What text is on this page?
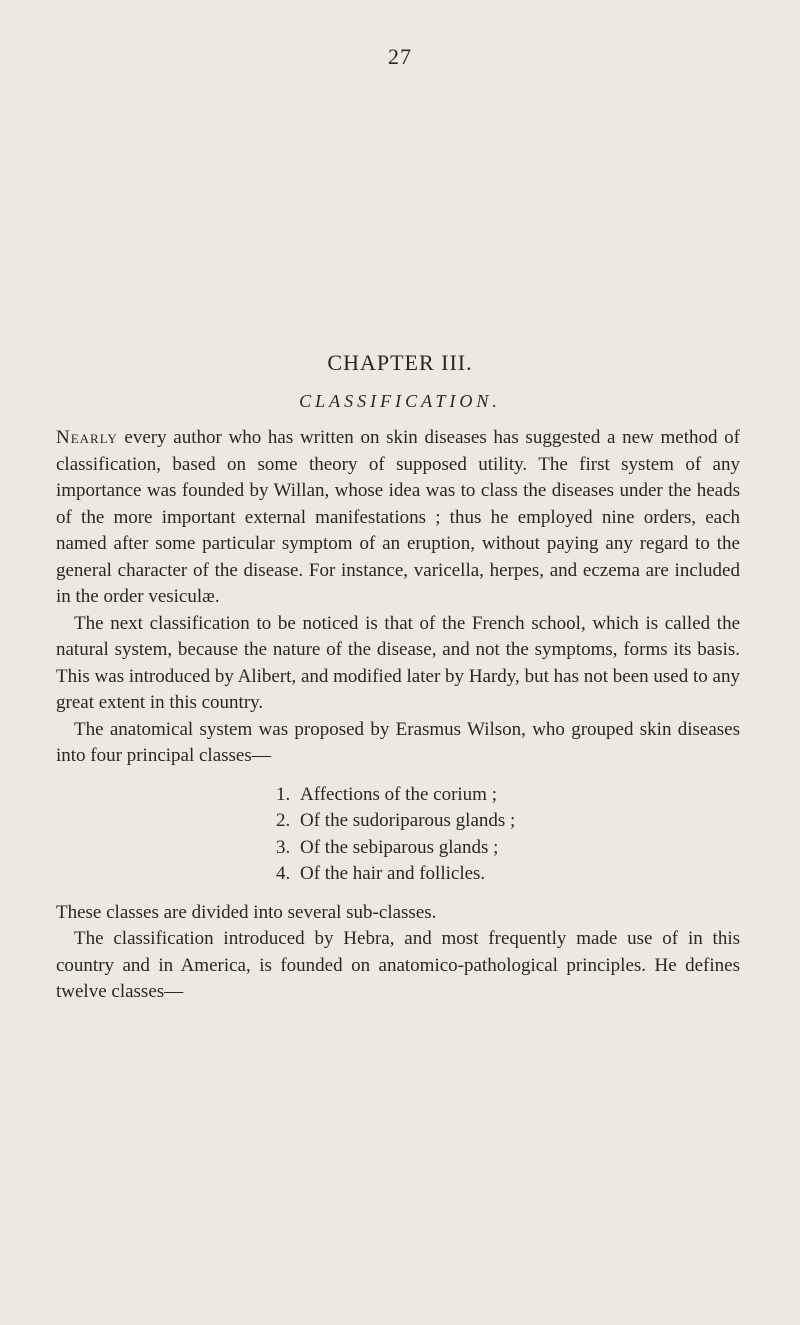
27
CHAPTER III.
CLASSIFICATION.

Nearly every author who has written on skin diseases has suggested a new method of classification, based on some theory of supposed utility. The first system of any importance was founded by Willan, whose idea was to class the diseases under the heads of the more important external manifestations ; thus he employed nine orders, each named after some particular symptom of an eruption, without paying any regard to the general character of the disease. For instance, varicella, herpes, and eczema are included in the order vesiculæ.

The next classification to be noticed is that of the French school, which is called the natural system, because the nature of the disease, and not the symptoms, forms its basis. This was introduced by Alibert, and modified later by Hardy, but has not been used to any great extent in this country.

The anatomical system was proposed by Erasmus Wilson, who grouped skin diseases into four principal classes—

1. Affections of the corium ;
2. Of the sudoriparous glands ;
3. Of the sebiparous glands ;
4. Of the hair and follicles.

These classes are divided into several sub-classes.

The classification introduced by Hebra, and most frequently made use of in this country and in America, is founded on anatomico-pathological principles. He defines twelve classes—
